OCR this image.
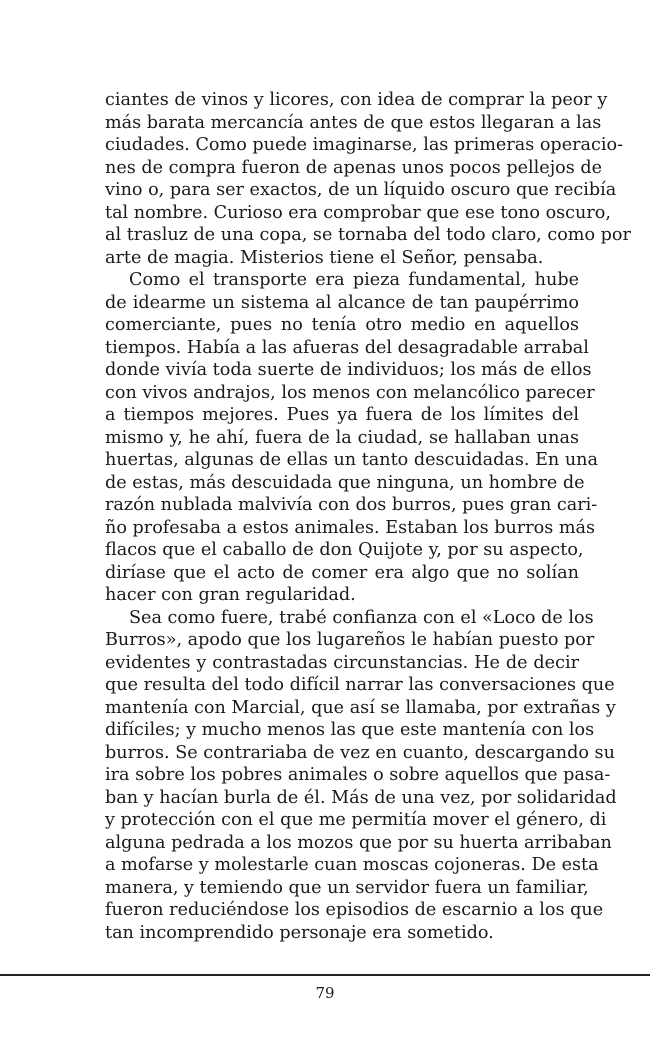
ciantes de vinos y licores, con idea de comprar la peor y
más barata mercancía antes de que estos llegaran a las
ciudades. Como puede imaginarse, las primeras operacio-
nes de compra fueron de apenas unos pocos pellejos de
vino o, para ser exactos, de un líquido oscuro que recibía
tal nombre. Curioso era comprobar que ese tono oscuro,
al trasluz de una copa, se tornaba del todo claro, como por
arte de magia. Misterios tiene el Señor, pensaba.
Como el transporte era pieza fundamental, hube
de idearme un sistema al alcance de tan paupérrimo
comerciante, pues no tenía otro medio en aquellos
tiempos. Había a las afueras del desagradable arrabal
donde vivía toda suerte de individuos; los más de ellos
con vivos andrajos, los menos con melancólico parecer
a tiempos mejores. Pues ya fuera de los límites del
mismo y, he ahí, fuera de la ciudad, se hallaban unas
huertas, algunas de ellas un tanto descuidadas. En una
de estas, más descuidada que ninguna, un hombre de
razón nublada malvivía con dos burros, pues gran cari-
ño profesaba a estos animales. Estaban los burros más
flacos que el caballo de don Quijote y, por su aspecto,
diríase que el acto de comer era algo que no solían
hacer con gran regularidad.
Sea como fuere, trabé confianza con el «Loco de los
Burros», apodo que los lugareños le habían puesto por
evidentes y contrastadas circunstancias. He de decir
que resulta del todo difícil narrar las conversaciones que
mantenía con Marcial, que así se llamaba, por extrañas y
difíciles; y mucho menos las que este mantenía con los
burros. Se contrariaba de vez en cuanto, descargando su
ira sobre los pobres animales o sobre aquellos que pasa-
ban y hacían burla de él. Más de una vez, por solidaridad
y protección con el que me permitía mover el género, di
alguna pedrada a los mozos que por su huerta arribaban
a mofarse y molestarle cuan moscas cojoneras. De esta
manera, y temiendo que un servidor fuera un familiar,
fueron reduciéndose los episodios de escarnio a los que
tan incomprendido personaje era sometido.
79
